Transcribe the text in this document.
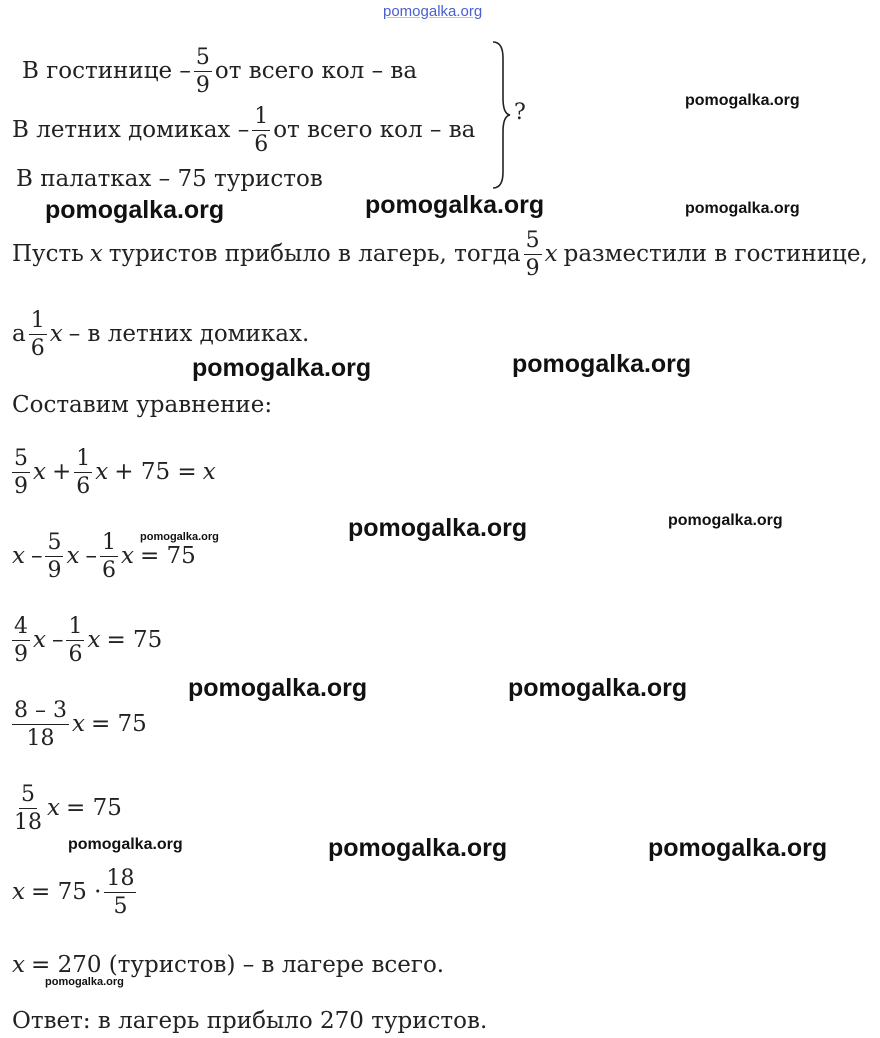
pomogalka.org
pomogalka.org
pomogalka.org	pomogalka.org	pomogalka.org
pomogalka.org	pomogalka.org
pomogalka.org	pomogalka.org
pomogalka.org
pomogalka.org	pomogalka.org
pomogalka.org	pomogalka.org	pomogalka.org
pomogalka.org
В гостинице – $\frac{5}{9}$ от всего кол – ва
В летних домиках – $\frac{1}{6}$ от всего кол – ва
В палатках – 75 туристов
?
Пусть x туристов прибыло в лагерь, тогда $\frac{5}{9}$ x разместили в гостинице,
а $\frac{1}{6}$ x – в летних домиках.
Составим уравнение:
$\frac{5}{9}$ $x + \frac{1}{6}$ x + 75 = x
x – $\frac{5}{9}$ x – $\frac{1}{6}$ x = 75
$\frac{4}{9}$ x – $\frac{1}{6}$ x = 75
$\frac{8 - 3}{18}$ x = 75
$\frac{5}{18}$ x = 75
$x = 75 \cdot \frac{18}{5}$
x = 270 (туристов) – в лагере всего.
Ответ: в лагерь прибыло 270 туристов.
